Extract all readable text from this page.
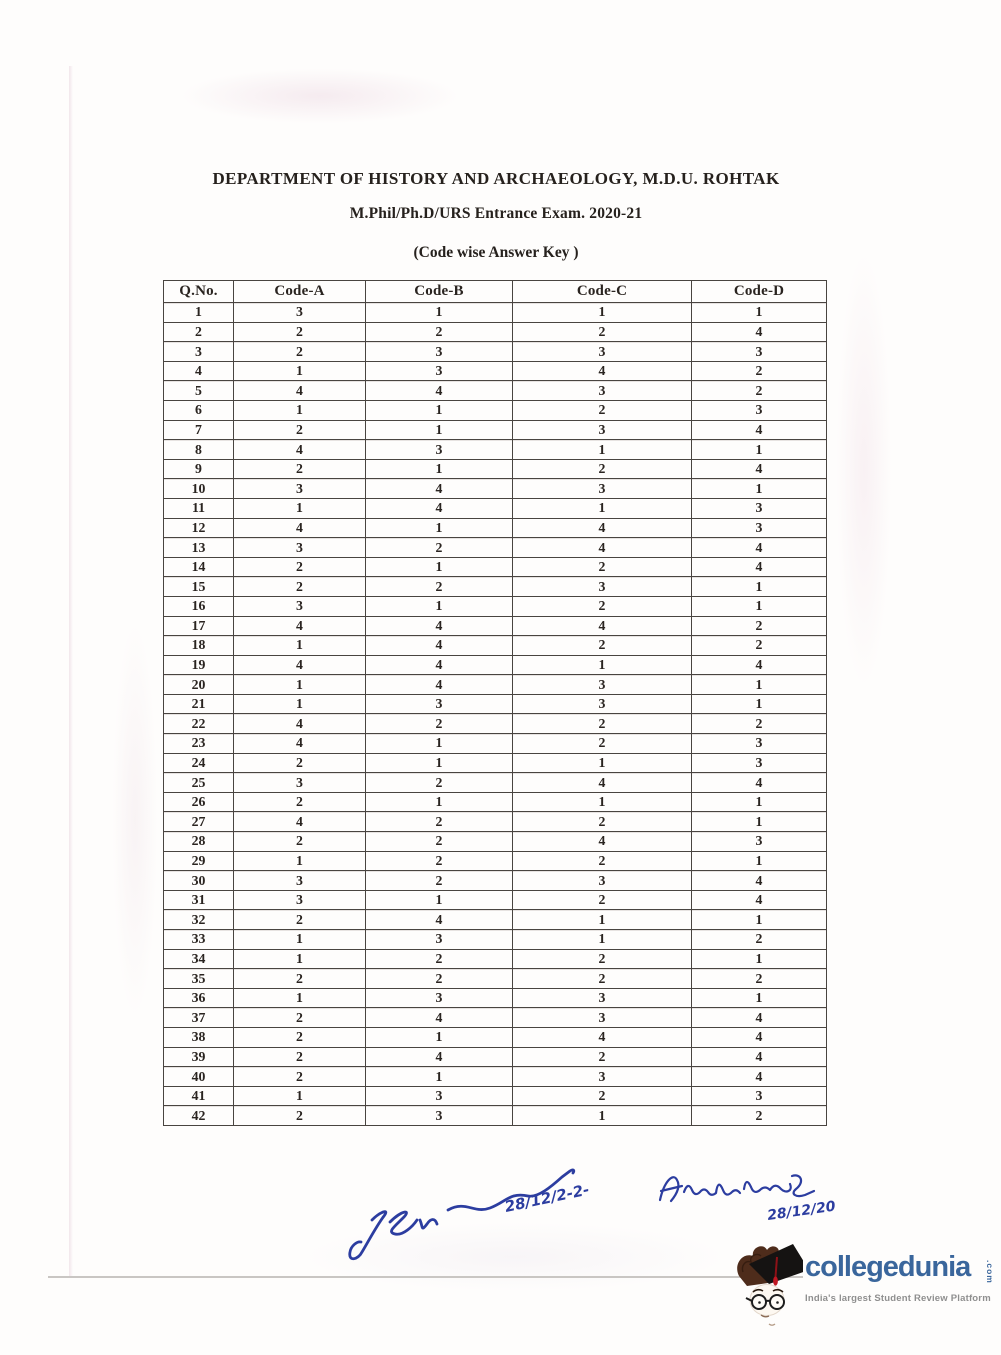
DEPARTMENT OF HISTORY AND ARCHAEOLOGY, M.D.U. ROHTAK
M.Phil/Ph.D/URS Entrance Exam. 2020-21
(Code wise Answer Key )
Q.No.	Code-A	Code-B	Code-C	Code-D
1	3	1	1	1
2	2	2	2	4
3	2	3	3	3
4	1	3	4	2
5	4	4	3	2
6	1	1	2	3
7	2	1	3	4
8	4	3	1	1
9	2	1	2	4
10	3	4	3	1
11	1	4	1	3
12	4	1	4	3
13	3	2	4	4
14	2	1	2	4
15	2	2	3	1
16	3	1	2	1
17	4	4	4	2
18	1	4	2	2
19	4	4	1	4
20	1	4	3	1
21	1	3	3	1
22	4	2	2	2
23	4	1	2	3
24	2	1	1	3
25	3	2	4	4
26	2	1	1	1
27	4	2	2	1
28	2	2	4	3
29	1	2	2	1
30	3	2	3	4
31	3	1	2	4
32	2	4	1	1
33	1	3	1	2
34	1	2	2	1
35	2	2	2	2
36	1	3	3	1
37	2	4	3	4
38	2	1	4	4
39	2	4	2	4
40	2	1	3	4
41	1	3	2	3
42	2	3	1	2
28/12/2-2-	28/12/20
collegedunia	.com
India's largest Student Review Platform
